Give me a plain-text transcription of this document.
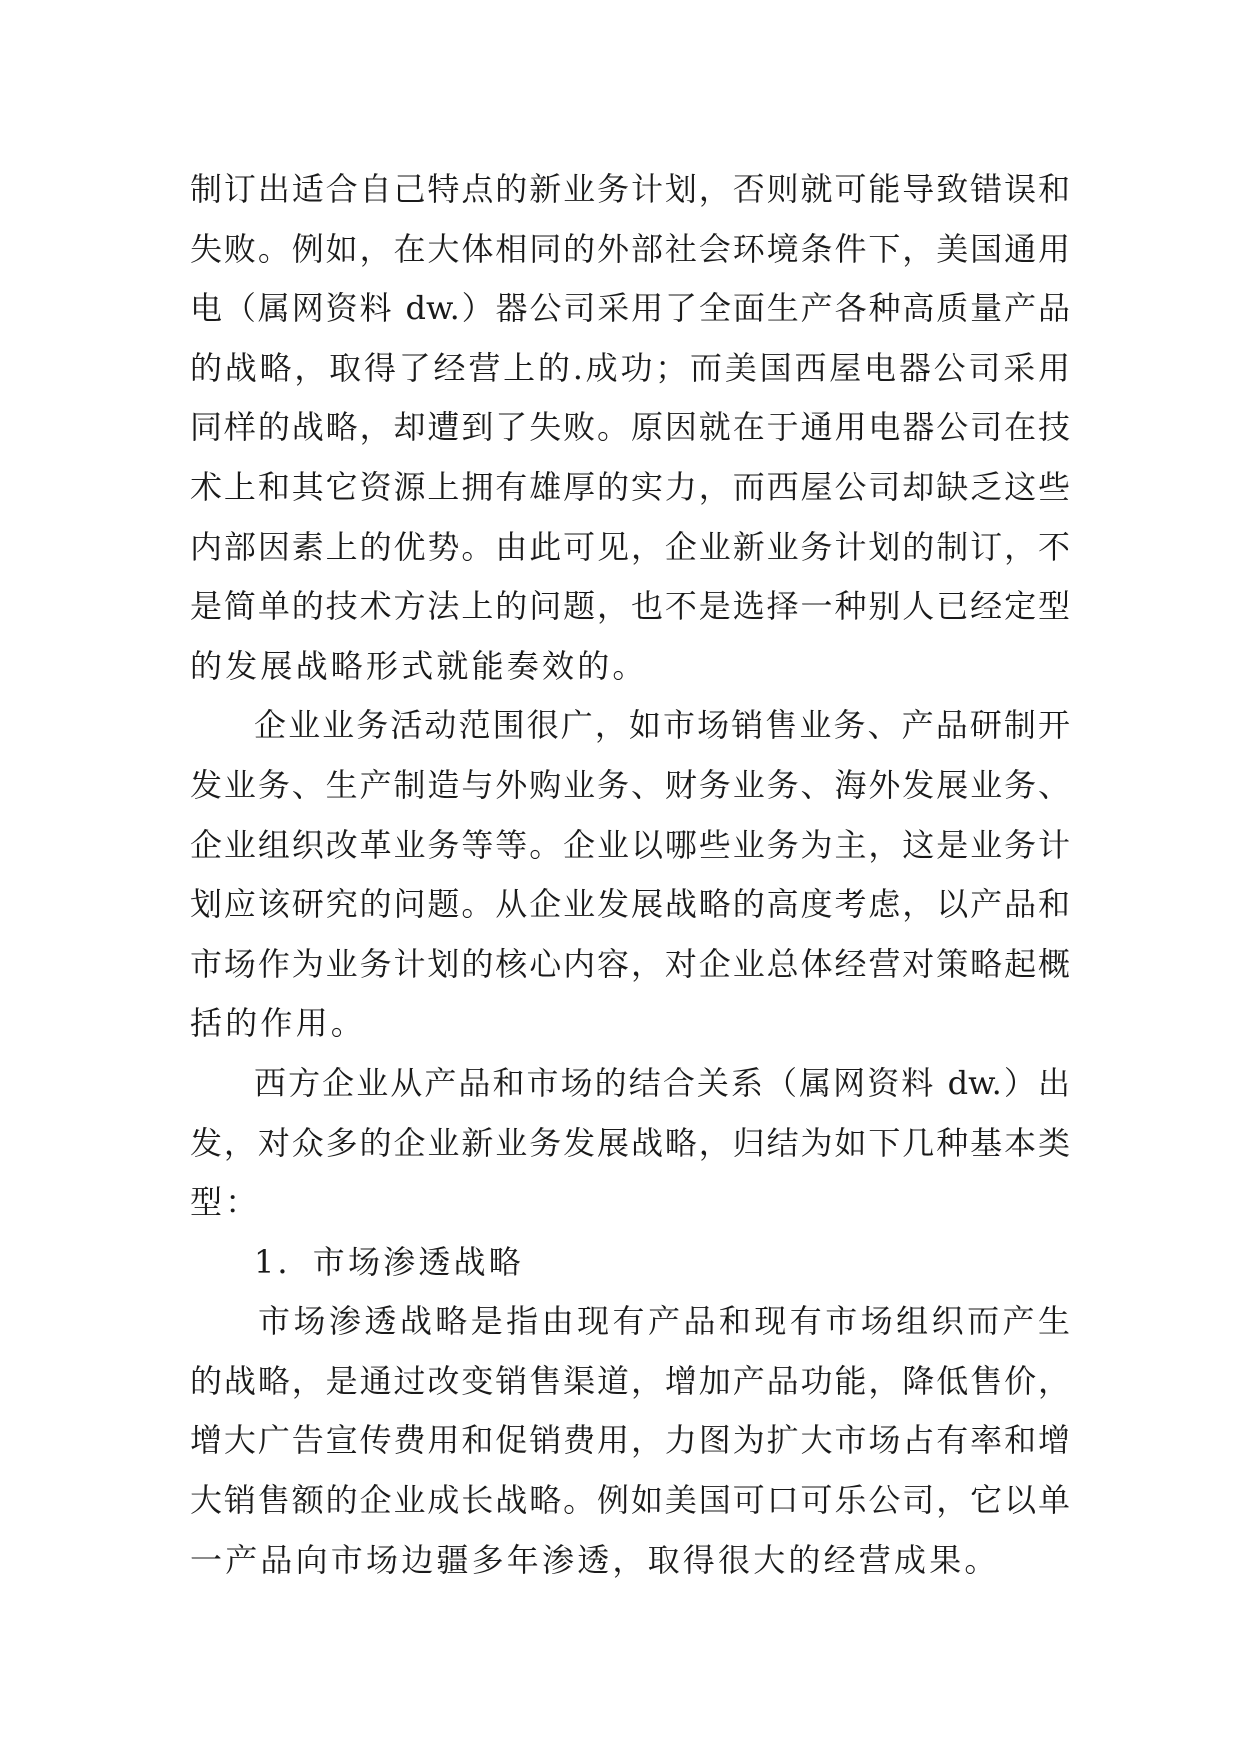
制订出适合自己特点的新业务计划，否则就可能导致错误和
失败。例如，在大体相同的外部社会环境条件下，美国通用
电（属网资料 dw.）器公司采用了全面生产各种高质量产品
的战略，取得了经营上的.成功；而美国西屋电器公司采用
同样的战略，却遭到了失败。原因就在于通用电器公司在技
术上和其它资源上拥有雄厚的实力，而西屋公司却缺乏这些
内部因素上的优势。由此可见，企业新业务计划的制订，不
是简单的技术方法上的问题，也不是选择一种别人已经定型
的发展战略形式就能奏效的。
企业业务活动范围很广，如市场销售业务、产品研制开
发业务、生产制造与外购业务、财务业务、海外发展业务、
企业组织改革业务等等。企业以哪些业务为主，这是业务计
划应该研究的问题。从企业发展战略的高度考虑，以产品和
市场作为业务计划的核心内容，对企业总体经营对策略起概
括的作用。
西方企业从产品和市场的结合关系（属网资料 dw.）出
发，对众多的企业新业务发展战略，归结为如下几种基本类
型：
1．市场渗透战略
市场渗透战略是指由现有产品和现有市场组织而产生
的战略，是通过改变销售渠道，增加产品功能，降低售价，
增大广告宣传费用和促销费用，力图为扩大市场占有率和增
大销售额的企业成长战略。例如美国可口可乐公司，它以单
一产品向市场边疆多年渗透，取得很大的经营成果。
